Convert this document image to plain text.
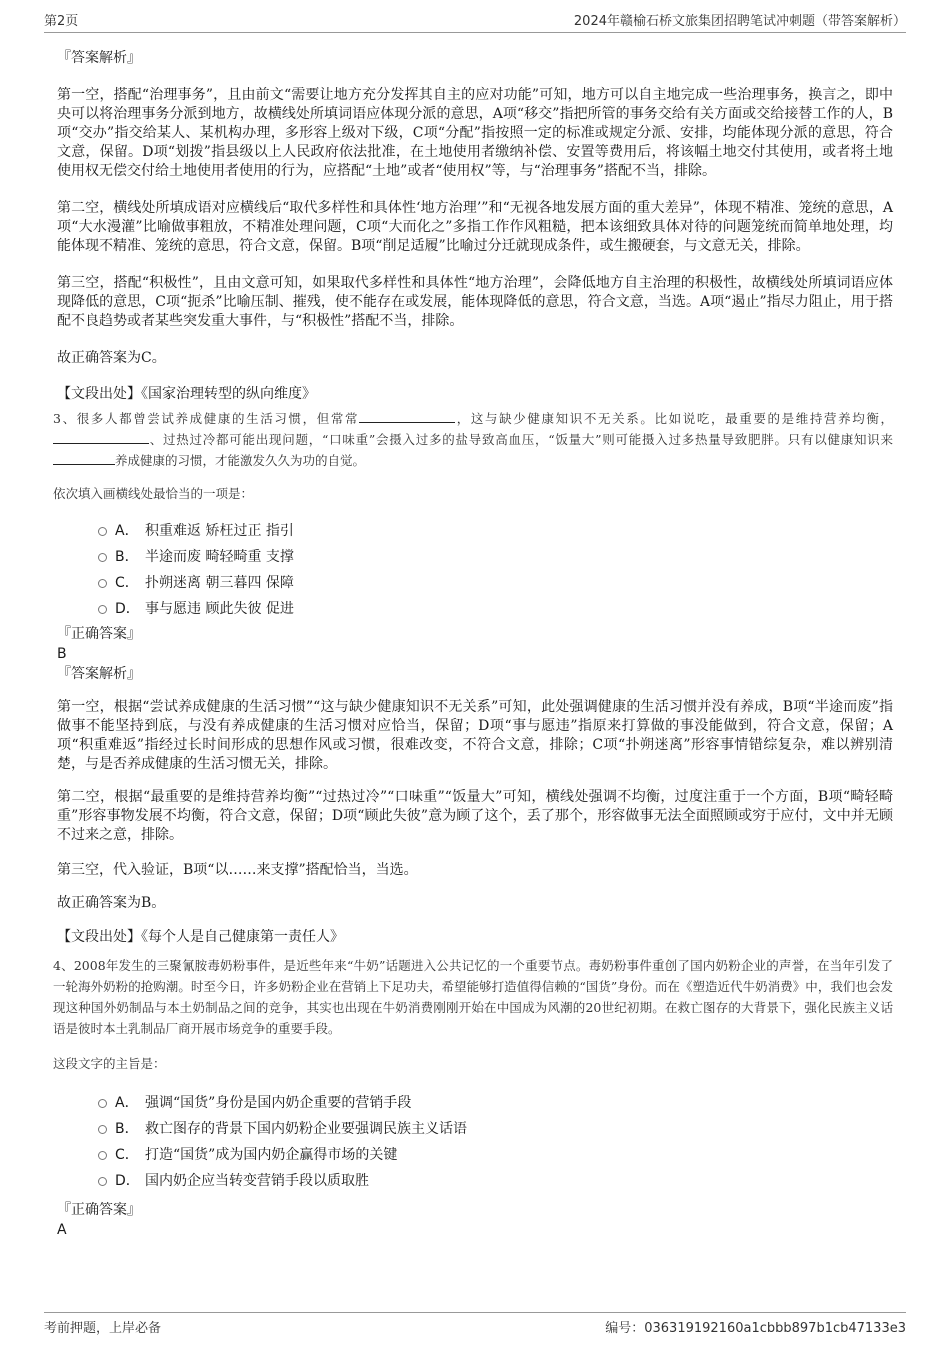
第2页	2024年赣榆石桥文旅集团招聘笔试冲刺题（带答案解析）

『答案解析』

第一空，搭配“治理事务”，且由前文“需要让地方充分发挥其自主的应对功能”可知，地方可以自主地完成一些治理事务，换言之，即中央可以将治理事务分派到地方，故横线处所填词语应体现分派的意思，A项“移交”指把所管的事务交给有关方面或交给接替工作的人，B项“交办”指交给某人、某机构办理，多形容上级对下级，C项“分配”指按照一定的标准或规定分派、安排，均能体现分派的意思，符合文意，保留。D项“划拨”指县级以上人民政府依法批准，在土地使用者缴纳补偿、安置等费用后，将该幅土地交付其使用，或者将土地使用权无偿交付给土地使用者使用的行为，应搭配“土地”或者“使用权”等，与“治理事务”搭配不当，排除。

第二空，横线处所填成语对应横线后“取代多样性和具体性‘地方治理’”和“无视各地发展方面的重大差异”，体现不精准、笼统的意思，A项“大水漫灌”比喻做事粗放，不精准处理问题，C项“大而化之”多指工作作风粗糙，把本该细致具体对待的问题笼统而简单地处理，均能体现不精准、笼统的意思，符合文意，保留。B项“削足适履”比喻过分迁就现成条件，或生搬硬套，与文意无关，排除。

第三空，搭配“积极性”，且由文意可知，如果取代多样性和具体性“地方治理”，会降低地方自主治理的积极性，故横线处所填词语应体现降低的意思，C项“扼杀”比喻压制、摧残，使不能存在或发展，能体现降低的意思，符合文意，当选。A项“遏止”指尽力阻止，用于搭配不良趋势或者某些突发重大事件，与“积极性”搭配不当，排除。

故正确答案为C。

【文段出处】《国家治理转型的纵向维度》

3、很多人都曾尝试养成健康的生活习惯，但常常	，这与缺少健康知识不无关系。比如说吃，最重要的是维持营养均衡，、过热过冷都可能出现问题，“口味重”会摄入过多的盐导致高血压，“饭量大”则可能摄入过多热量导致肥胖。只有以健康知识来养成健康的习惯，才能激发久久为功的自觉。

依次填入画横线处最恰当的一项是：

A． 积重难返 矫枉过正 指引
B． 半途而废 畸轻畸重 支撑
C． 扑朔迷离 朝三暮四 保障
D． 事与愿违 顾此失彼 促进

『正确答案』

B

『答案解析』

第一空，根据“尝试养成健康的生活习惯”“这与缺少健康知识不无关系”可知，此处强调健康的生活习惯并没有养成，B项“半途而废”指做事不能坚持到底，与没有养成健康的生活习惯对应恰当，保留；D项“事与愿违”指原来打算做的事没能做到，符合文意，保留；A项“积重难返”指经过长时间形成的思想作风或习惯，很难改变，不符合文意，排除；C项“扑朔迷离”形容事情错综复杂，难以辨别清楚，与是否养成健康的生活习惯无关，排除。

第二空，根据“最重要的是维持营养均衡”“过热过冷”“口味重”“饭量大”可知，横线处强调不均衡，过度注重于一个方面，B项“畸轻畸重”形容事物发展不均衡，符合文意，保留；D项“顾此失彼”意为顾了这个，丢了那个，形容做事无法全面照顾或穷于应付，文中并无顾不过来之意，排除。

第三空，代入验证，B项“以……来支撑”搭配恰当，当选。

故正确答案为B。

【文段出处】《每个人是自己健康第一责任人》

4、2008年发生的三聚氰胺毒奶粉事件，是近些年来“牛奶”话题进入公共记忆的一个重要节点。毒奶粉事件重创了国内奶粉企业的声誉，在当年引发了一轮海外奶粉的抢购潮。时至今日，许多奶粉企业在营销上下足功夫，希望能够打造值得信赖的“国货”身份。而在《塑造近代牛奶消费》中，我们也会发现这种国外奶制品与本土奶制品之间的竞争，其实也出现在牛奶消费刚刚开始在中国成为风潮的20世纪初期。在救亡图存的大背景下，强化民族主义话语是彼时本土乳制品厂商开展市场竞争的重要手段。

这段文字的主旨是：

A． 强调“国货”身份是国内奶企重要的营销手段
B． 救亡图存的背景下国内奶粉企业要强调民族主义话语
C． 打造“国货”成为国内奶企赢得市场的关键
D． 国内奶企应当转变营销手段以质取胜

『正确答案』

A

考前押题，上岸必备	编号：036319192160a1cbbb897b1cb47133e3
